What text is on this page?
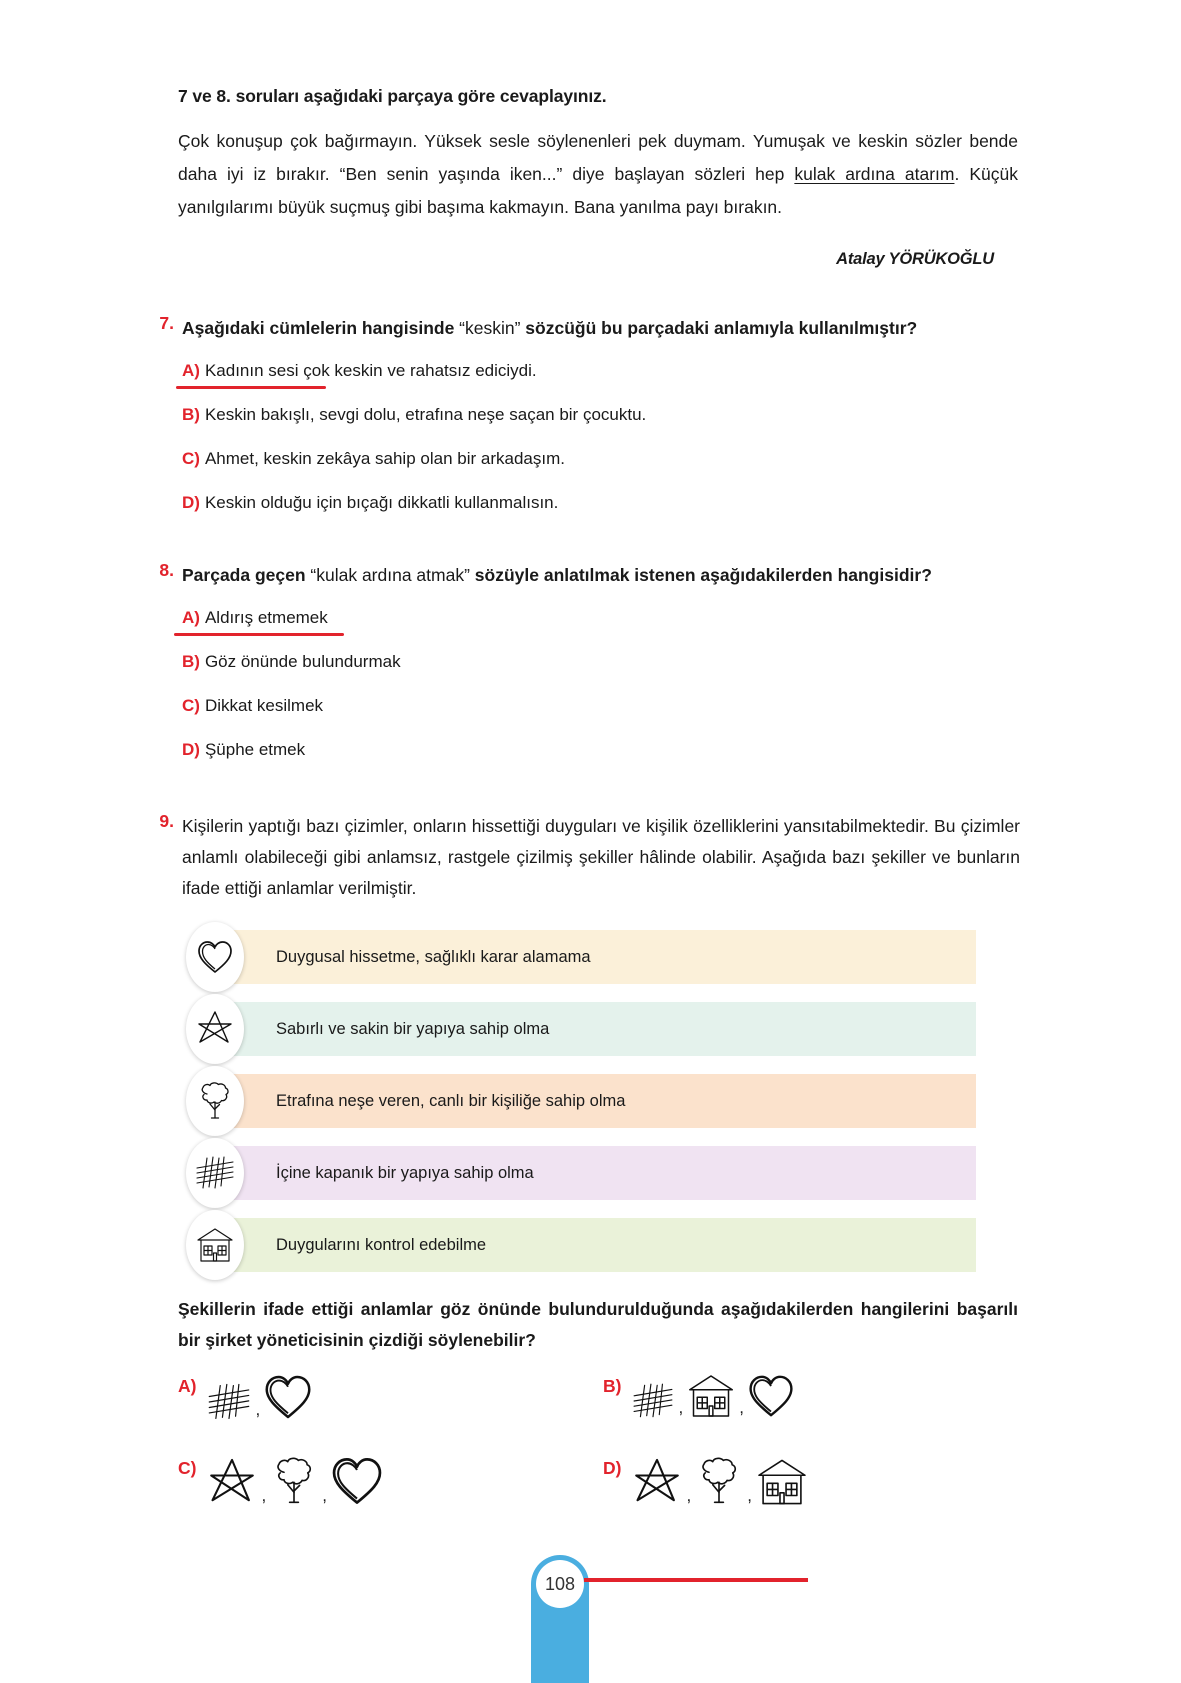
7 ve 8. soruları aşağıdaki parçaya göre cevaplayınız.
Çok konuşup çok bağırmayın. Yüksek sesle söylenenleri pek duymam. Yumuşak ve keskin sözler bende daha iyi iz bırakır. “Ben senin yaşında iken...” diye başlayan sözleri hep kulak ardına atarım. Küçük yanılgılarımı büyük suçmuş gibi başıma kakmayın. Bana yanılma payı bırakın.
Atalay YÖRÜKOĞLU
7. Aşağıdaki cümlelerin hangisinde “keskin” sözcüğü bu parçadaki anlamıyla kullanılmıştır?
A) Kadının sesi çok keskin ve rahatsız ediciydi.
B) Keskin bakışlı, sevgi dolu, etrafına neşe saçan bir çocuktu.
C) Ahmet, keskin zekâya sahip olan bir arkadaşım.
D) Keskin olduğu için bıçağı dikkatli kullanmalısın.
8. Parçada geçen “kulak ardına atmak” sözüyle anlatılmak istenen aşağıdakilerden hangisidir?
A) Aldırış etmemek
B) Göz önünde bulundurmak
C) Dikkat kesilmek
D) Şüphe etmek
9. Kişilerin yaptığı bazı çizimler, onların hissettiği duyguları ve kişilik özelliklerini yansıtabilmektedir. Bu çizimler anlamlı olabileceği gibi anlamsız, rastgele çizilmiş şekiller hâlinde olabilir. Aşağıda bazı şekiller ve bunların ifade ettiği anlamlar verilmiştir.
Duygusal hissetme, sağlıklı karar alamama
Sabırlı ve sakin bir yapıya sahip olma
Etrafına neşe veren, canlı bir kişiliğe sahip olma
İçine kapanık bir yapıya sahip olma
Duygularını kontrol edebilme
Şekillerin ifade ettiği anlamlar göz önünde bulundurulduğunda aşağıdakilerden hangilerini başarılı bir şirket yöneticisinin çizdiği söylenebilir?
A)
,
B)
,	,
C)
,	,
D)
,	,
108
